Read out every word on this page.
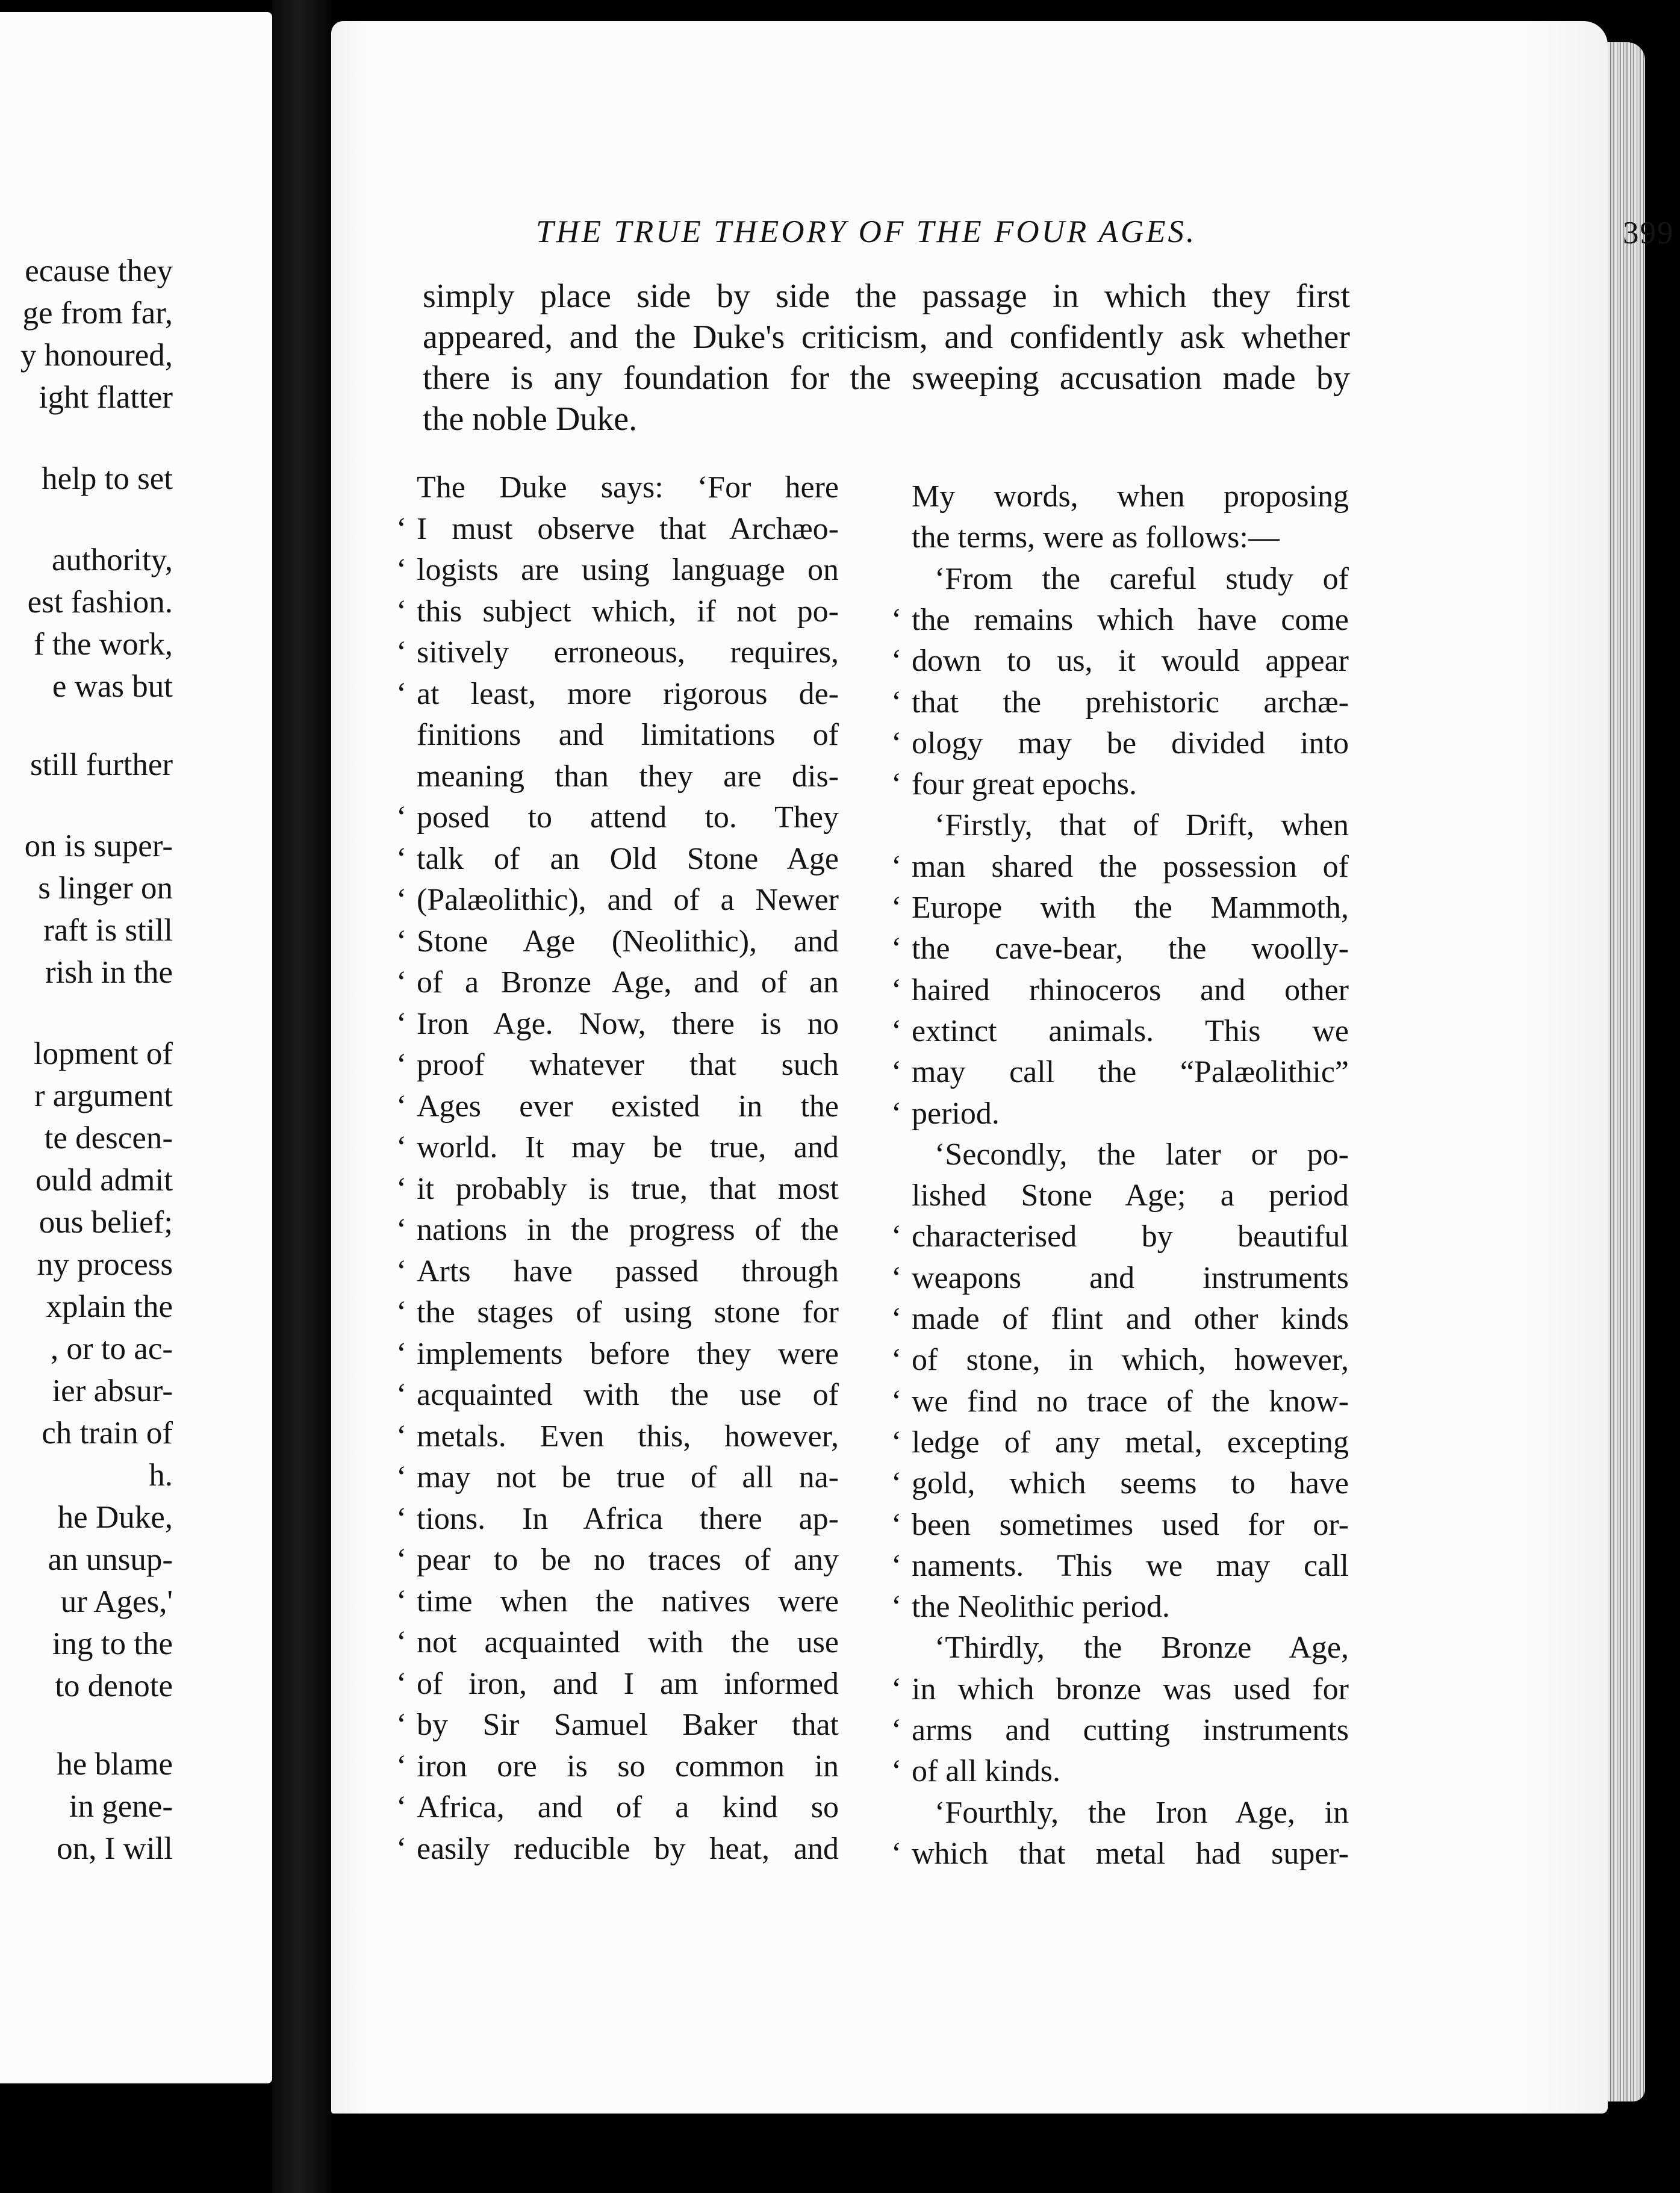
ecause they
ge from far,
y honoured,
ight flatter
help to set
authority,
est fashion.
f the work,
e was but
still further
on is super-
s linger on
raft is still
rish in the
lopment of
r argument
te descen-
ould admit
ous belief;
ny process
xplain the
, or to ac-
ier absur-
ch train of
h.
he Duke,
an unsup-
ur Ages,'
ing to the
to denote
he blame
in gene-
on, I will
THE TRUE THEORY OF THE FOUR AGES.	399
simply place side by side the passage in which they first
appeared, and the Duke's criticism, and confidently ask whether
there is any foundation for the sweeping accusation made by
the noble Duke.
The Duke says: ‘For here
‘ I must observe that Archæo-
‘ logists are using language on
‘ this subject which, if not po-
‘ sitively erroneous, requires,
‘ at least, more rigorous de-
finitions and limitations of
meaning than they are dis-
‘ posed to attend to. They
‘ talk of an Old Stone Age
‘ (Palæolithic), and of a Newer
‘ Stone Age (Neolithic), and
‘ of a Bronze Age, and of an
‘ Iron Age. Now, there is no
‘ proof whatever that such
‘ Ages ever existed in the
‘ world. It may be true, and
‘ it probably is true, that most
‘ nations in the progress of the
‘ Arts have passed through
‘ the stages of using stone for
‘ implements before they were
‘ acquainted with the use of
‘ metals. Even this, however,
‘ may not be true of all na-
‘ tions. In Africa there ap-
‘ pear to be no traces of any
‘ time when the natives were
‘ not acquainted with the use
‘ of iron, and I am informed
‘ by Sir Samuel Baker that
‘ iron ore is so common in
‘ Africa, and of a kind so
‘ easily reducible by heat, and
My words, when proposing
the terms, were as follows:—
‘From the careful study of
‘ the remains which have come
‘ down to us, it would appear
‘ that the prehistoric archæ-
‘ ology may be divided into
‘ four great epochs.
‘Firstly, that of Drift, when
‘ man shared the possession of
‘ Europe with the Mammoth,
‘ the cave-bear, the woolly-
‘ haired rhinoceros and other
‘ extinct animals. This we
‘ may call the “Palæolithic”
‘ period.
‘Secondly, the later or po-
lished Stone Age; a period
‘ characterised by beautiful
‘ weapons and instruments
‘ made of flint and other kinds
‘ of stone, in which, however,
‘ we find no trace of the know-
‘ ledge of any metal, excepting
‘ gold, which seems to have
‘ been sometimes used for or-
‘ naments. This we may call
‘ the Neolithic period.
‘Thirdly, the Bronze Age,
‘ in which bronze was used for
‘ arms and cutting instruments
‘ of all kinds.
‘Fourthly, the Iron Age, in
‘ which that metal had super-
